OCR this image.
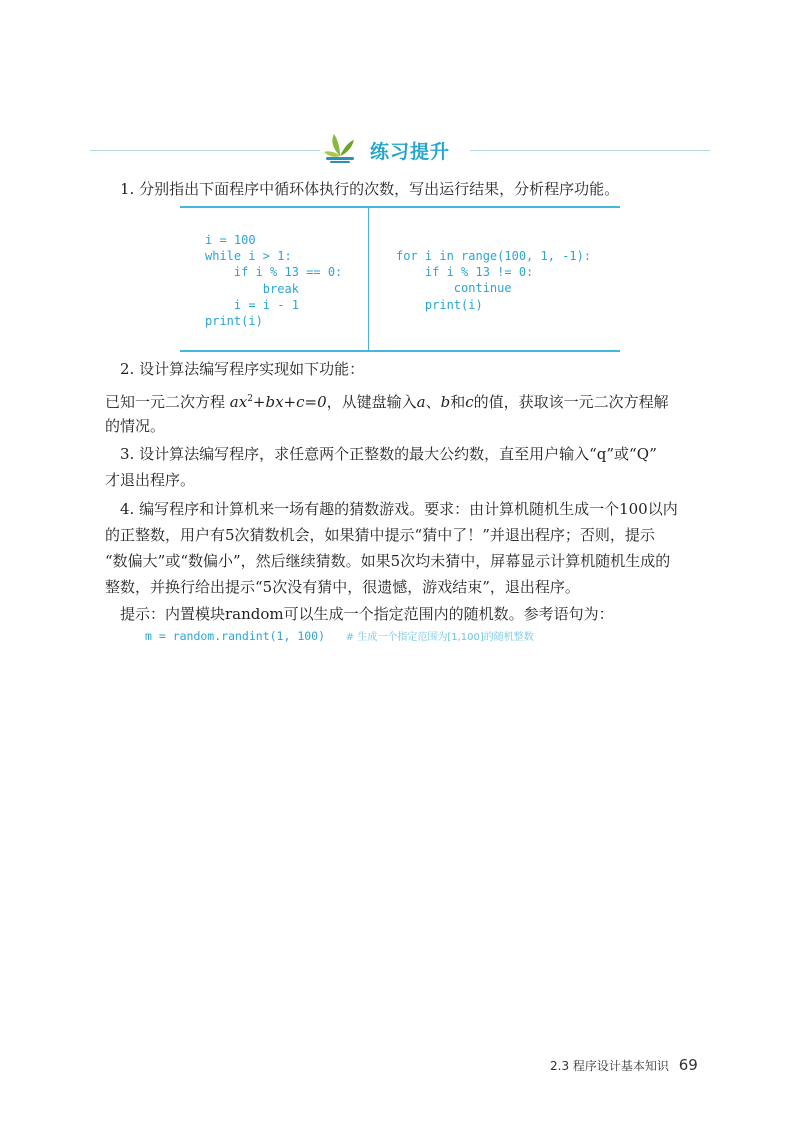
练习提升
1. 分别指出下面程序中循环体执行的次数，写出运行结果，分析程序功能。
i = 100
while i > 1:
if i % 13 == 0:
break
i = i - 1
print(i)
for i in range(100, 1, -1):
if i % 13 != 0:
continue
print(i)
2. 设计算法编写程序实现如下功能：
已知一元二次方程 $ax^2+bx+c=0$，从键盘输入a、b和c的值，获取该一元二次方程解
的情况。
3. 设计算法编写程序，求任意两个正整数的最大公约数，直至用户输入“q”或“Q”
才退出程序。
4. 编写程序和计算机来一场有趣的猜数游戏。要求：由计算机随机生成一个100以内
的正整数，用户有5次猜数机会，如果猜中提示“猜中了！”并退出程序；否则，提示
“数偏大”或“数偏小”，然后继续猜数。如果5次均未猜中，屏幕显示计算机随机生成的
整数，并换行给出提示“5次没有猜中，很遗憾，游戏结束”，退出程序。
提示：内置模块random可以生成一个指定范围内的随机数。参考语句为：
m = random.randint(1, 100)   # 生成一个指定范围为[1,100]的随机整数
2.3 程序设计基本知识 69
